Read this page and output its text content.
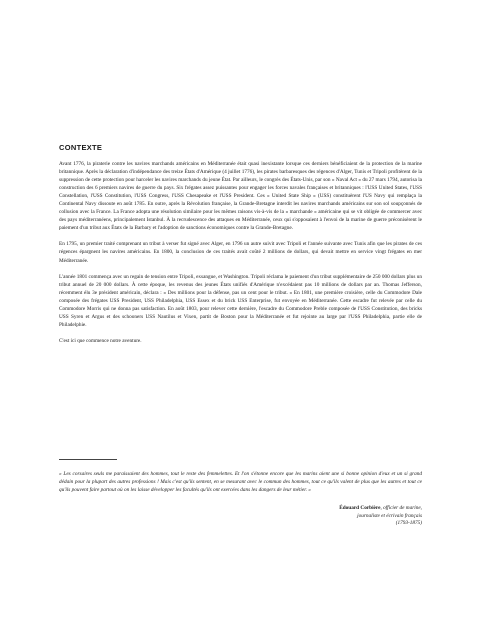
CONTEXTE

Avant 1776, la piraterie contre les navires marchands américains en Méditerranée était quasi inexistante lorsque ces derniers bénéficiaient de la protection de la marine britannique. Après la déclaration d'indépendance des treize États d'Amérique (4 juillet 1776), les pirates barbaresques des régences d'Alger, Tunis et Tripoli profitèrent de la suppression de cette protection pour harceler les navires marchands du jeune État. Par ailleurs, le congrès des États-Unis, par son « Naval Act » du 27 mars 1794, autorisa la construction des 6 premiers navires de guerre du pays. Six frégates assez puissantes pour engager les forces navales françaises et britanniques : l'USS United States, l'USS Constellation, l'USS Constitution, l'USS Congress, l'USS Chesapeake et l'USS President. Ces « United State Ship » (USS) constituèrent l'US Navy qui remplaça la Continental Navy dissoute en août 1785. En outre, après la Révolution française, la Grande-Bretagne interdit les navires marchands américains sur son sol soupçonnés de collusion avec la France. La France adopta une résolution similaire pour les mêmes raisons vis-à-vis de la « marchande » américaine qui se vit obligée de commercer avec des pays méditerranéens, principalement Istanbul. À la recrudescence des attaques en Méditerranée, ceux qui s'opposaient à l'envoi de la marine de guerre préconisèrent le paiement d'un tribut aux États de la Barbary et l'adoption de sanctions économiques contre la Grande-Bretagne.

En 1795, un premier traité comprenant un tribut à verser fut signé avec Alger, en 1796 un autre suivit avec Tripoli et l'année suivante avec Tunis afin que les pirates de ces régences épargnent les navires américains. En 1800, la conclusion de ces traités avait coûté 2 millions de dollars, qui devait mettre en service vingt frégates en mer Méditerranée.

L'année 1801 commença avec un regain de tension entre Tripoli, exsangue, et Washington. Tripoli réclama le paiement d'un tribut supplémentaire de 250 000 dollars plus un tribut annuel de 20 000 dollars. À cette époque, les revenus des jeunes États unifiés d'Amérique n'excédaient pas 10 millions de dollars par an. Thomas Jefferson, récemment élu 3e président américain, déclara : « Des millions pour la défense, pas un cent pour le tribut. » En 1801, une première croisière, celle du Commodore Dale composée des frégates USS President, USS Philadelphia, USS Essex et du brick USS Enterprise, fut envoyée en Méditerranée. Cette escadre fut relevée par celle du Commodore Morris qui ne donna pas satisfaction. En août 1803, pour relever cette dernière, l'escadre du Commodore Preble composée de l'USS Constitution, des bricks USS Syren et Argus et des schooners USS Nautilus et Vixen, partit de Boston pour la Méditerranée et fut rejointe au large par l'USS Philadelphia, partie elle de Philadelphie.

C'est ici que commence notre aventure.

« Les corsaires seuls me paraissaient des hommes, tout le reste des femmelettes. Et l'on s'étonne encore que les marins aient une si bonne opinion d'eux et un si grand dédain pour la plupart des autres professions ! Mais c'est qu'ils sentent, en se mesurant avec le commun des hommes, tout ce qu'ils valent de plus que les autres et tout ce qu'ils pouvent faire partout où on les laisse développer les facultés qu'ils ont exercées dans les dangers de leur métier. »
Édouard Corbière, officier de marine,
journaliste et écrivain français

(1793-1875)
